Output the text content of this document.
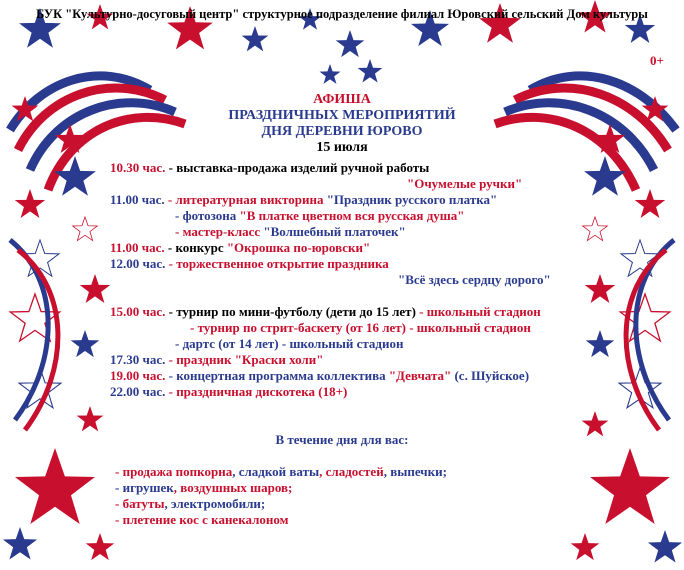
БУК "Культурно-досуговый центр" структурное подразделение филиал Юровский сельский Дом культуры
0+
АФИША
ПРАЗДНИЧНЫХ МЕРОПРИЯТИЙ
ДНЯ ДЕРЕВНИ ЮРОВО
15 июля
10.30 час. - выставка-продажа изделий ручной работы
"Очумелые ручки"
11.00 час. - литературная викторина "Праздник русского платка"
- фотозона "В платке цветном вся русская душа"
- мастер-класс "Волшебный платочек"
11.00 час. - конкурс "Окрошка по-юровски"
12.00 час. - торжественное открытие праздника
"Всё здесь сердцу дорого"
15.00 час. - турнир по мини-футболу (дети до 15 лет) - школьный стадион
- турнир по стрит-баскету (от 16 лет) - школьный стадион
- дартс (от 14 лет) - школьный стадион
17.30 час. - праздник "Краски холи"
19.00 час. - концертная программа коллектива "Девчата" (с. Шуйское)
22.00 час. - праздничная дискотека (18+)
В течение дня для вас:
- продажа попкорна, сладкой ваты, сладостей, выпечки;
- игрушек, воздушных шаров;
- батуты, электромобили;
- плетение кос с канекалоном
